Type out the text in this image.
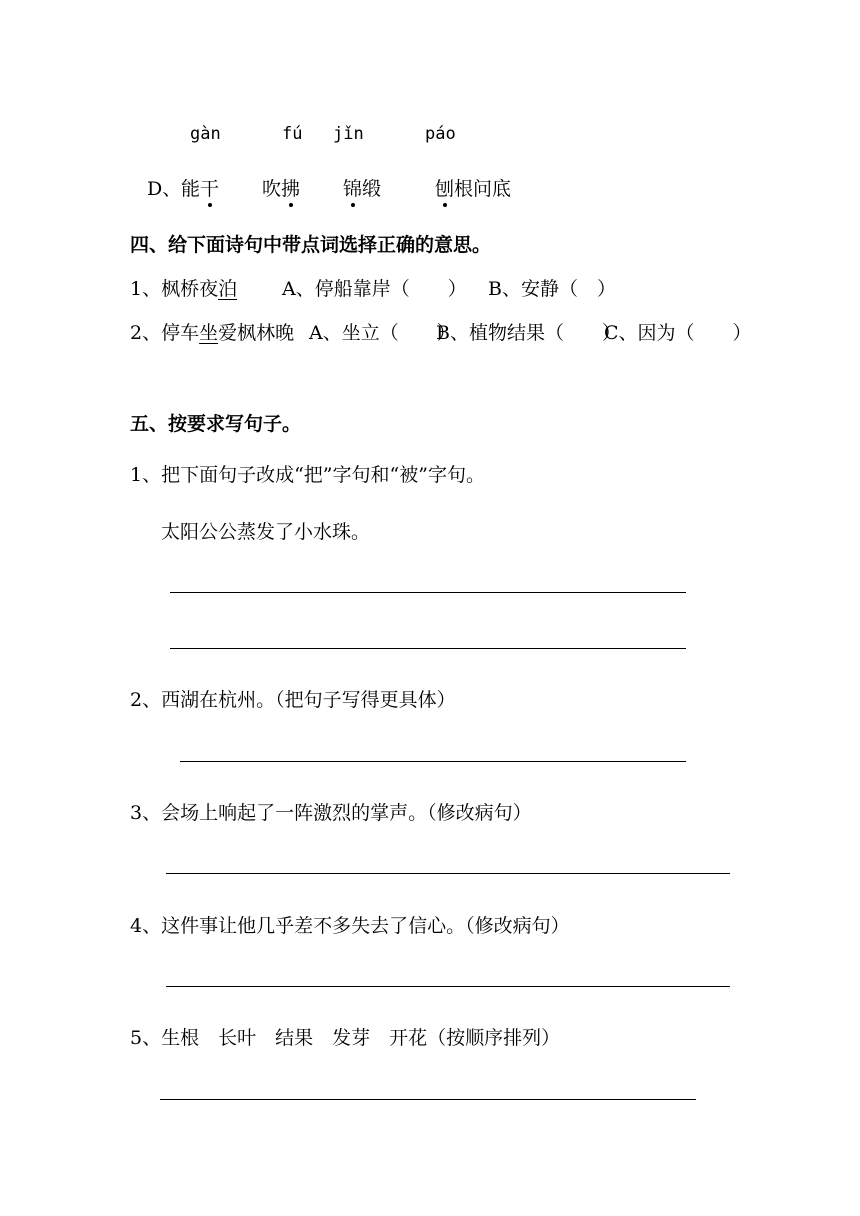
gàn	fú jǐn	páo
D、 能干 吹拂 锦缎	刨根问底
四、给下面诗句中带点词选择正确的意思。
1、枫桥夜泊 A、停船靠岸（　　） B、安静（　）
2、停车坐爱枫林晚 A、坐立（　　）
B、植物结果（　　）
C、因为（　　）
五、按要求写句子。
1、把下面句子改成“把”字句和“被”字句。
太阳公公蒸发了小水珠。
2、西湖在杭州。（把句子写得更具体）
3、会场上响起了一阵激烈的掌声。（修改病句）
4、这件事让他几乎差不多失去了信心。（修改病句）
5、生根　长叶　结果　发芽　开花（按顺序排列）
